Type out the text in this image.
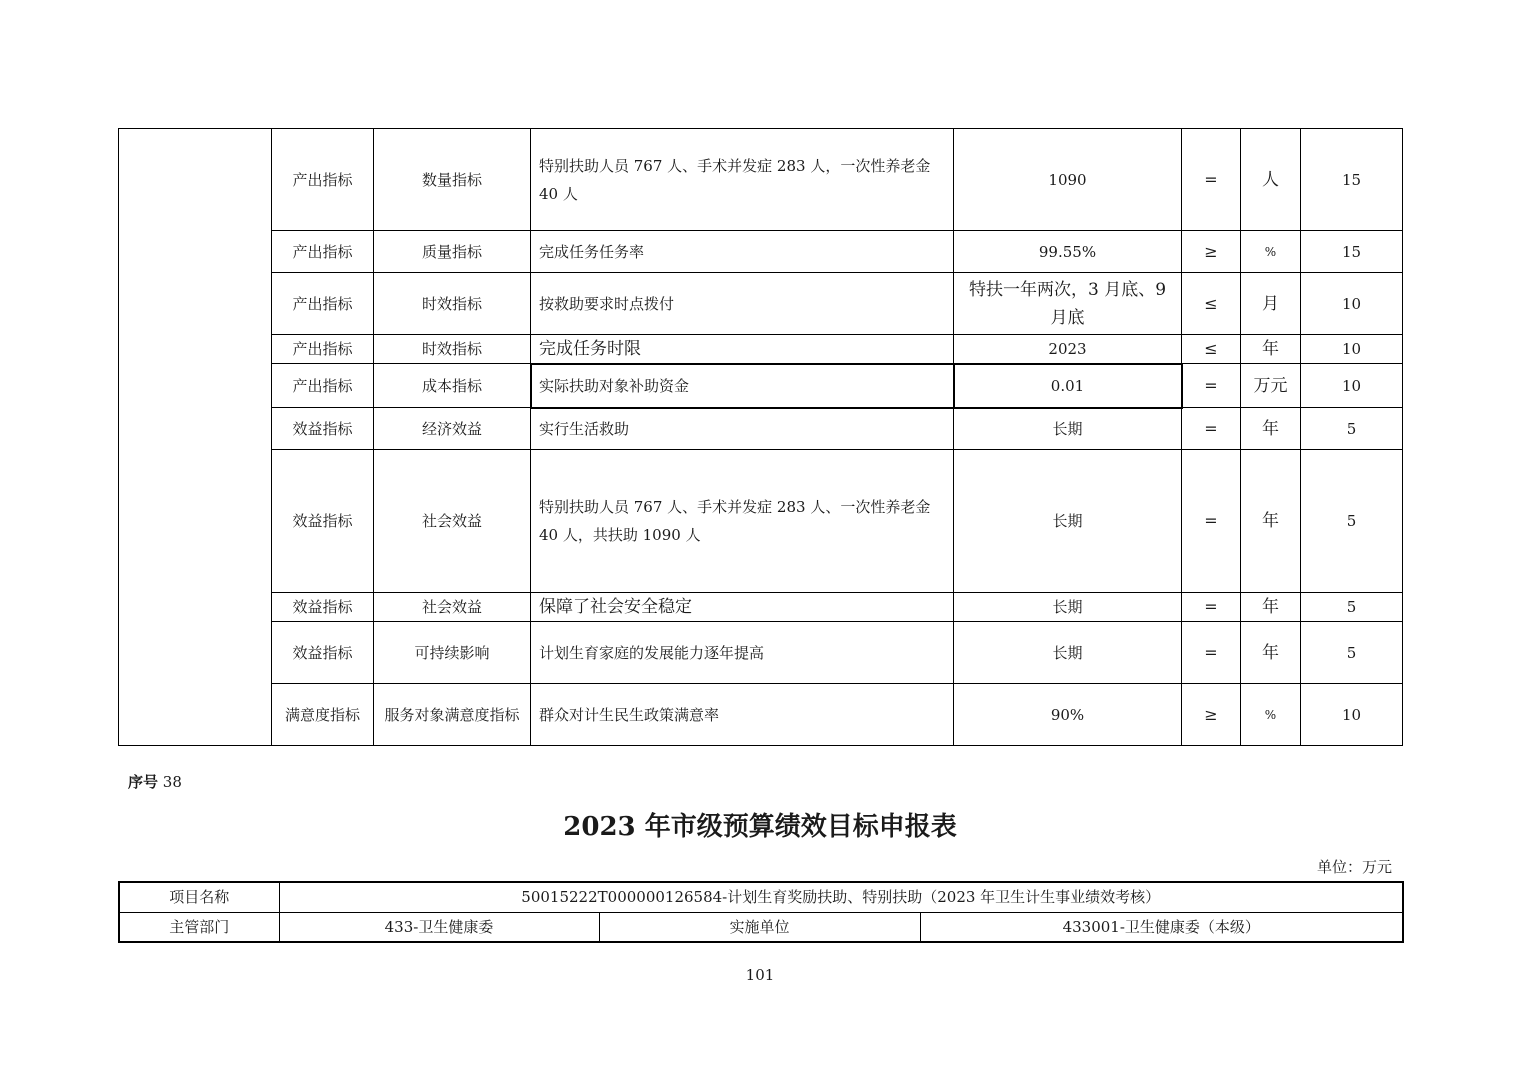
	产出指标	数量指标	特别扶助人员 767 人、手术并发症 283 人，一次性养老金 40 人	1090	=	人	15
	产出指标	质量指标	完成任务任务率	99.55%	≥	%	15
	产出指标	时效指标	按救助要求时点拨付	特扶一年两次，3 月底、9 月底	≤	月	10
	产出指标	时效指标	完成任务时限	2023	≤	年	10
	产出指标	成本指标	实际扶助对象补助资金	0.01	=	万元	10
	效益指标	经济效益	实行生活救助	长期	=	年	5
	效益指标	社会效益	特别扶助人员 767 人、手术并发症 283 人、一次性养老金 40 人，共扶助 1090 人	长期	=	年	5
	效益指标	社会效益	保障了社会安全稳定	长期	=	年	5
	效益指标	可持续影响	计划生育家庭的发展能力逐年提高	长期	=	年	5
	满意度指标	服务对象满意度指标	群众对计生民生政策满意率	90%	≥	%	10
序号 38
2023 年市级预算绩效目标申报表
单位：万元
项目名称	50015222T000000126584-计划生育奖励扶助、特别扶助（2023 年卫生计生事业绩效考核）		
主管部门	433-卫生健康委	实施单位	433001-卫生健康委（本级）
101
